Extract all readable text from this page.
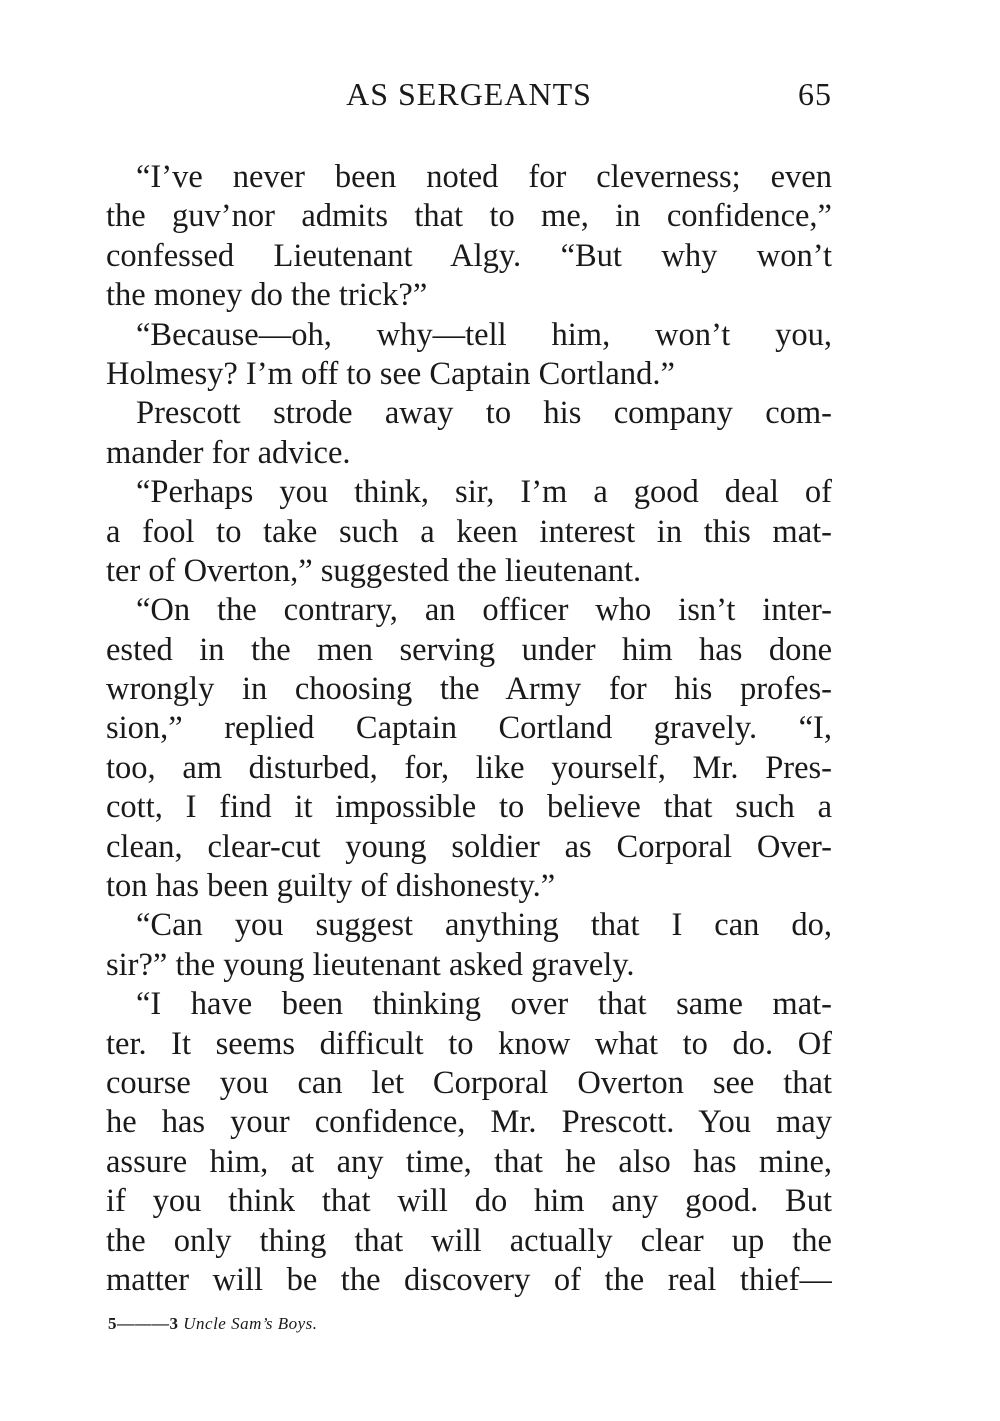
AS SERGEANTS	65
“I’ve never been noted for cleverness; even
the guv’nor admits that to me, in confidence,”
confessed Lieutenant Algy. “But why won’t
the money do the trick?”
“Because—oh, why—tell him, won’t you,
Holmesy? I’m off to see Captain Cortland.”
Prescott strode away to his company com-
mander for advice.
“Perhaps you think, sir, I’m a good deal of
a fool to take such a keen interest in this mat-
ter of Overton,” suggested the lieutenant.
“On the contrary, an officer who isn’t inter-
ested in the men serving under him has done
wrongly in choosing the Army for his profes-
sion,” replied Captain Cortland gravely. “I,
too, am disturbed, for, like yourself, Mr. Pres-
cott, I find it impossible to believe that such a
clean, clear-cut young soldier as Corporal Over-
ton has been guilty of dishonesty.”
“Can you suggest anything that I can do,
sir?” the young lieutenant asked gravely.
“I have been thinking over that same mat-
ter. It seems difficult to know what to do. Of
course you can let Corporal Overton see that
he has your confidence, Mr. Prescott. You may
assure him, at any time, that he also has mine,
if you think that will do him any good. But
the only thing that will actually clear up the
matter will be the discovery of the real thief—
5———3 Uncle Sam’s Boys.
